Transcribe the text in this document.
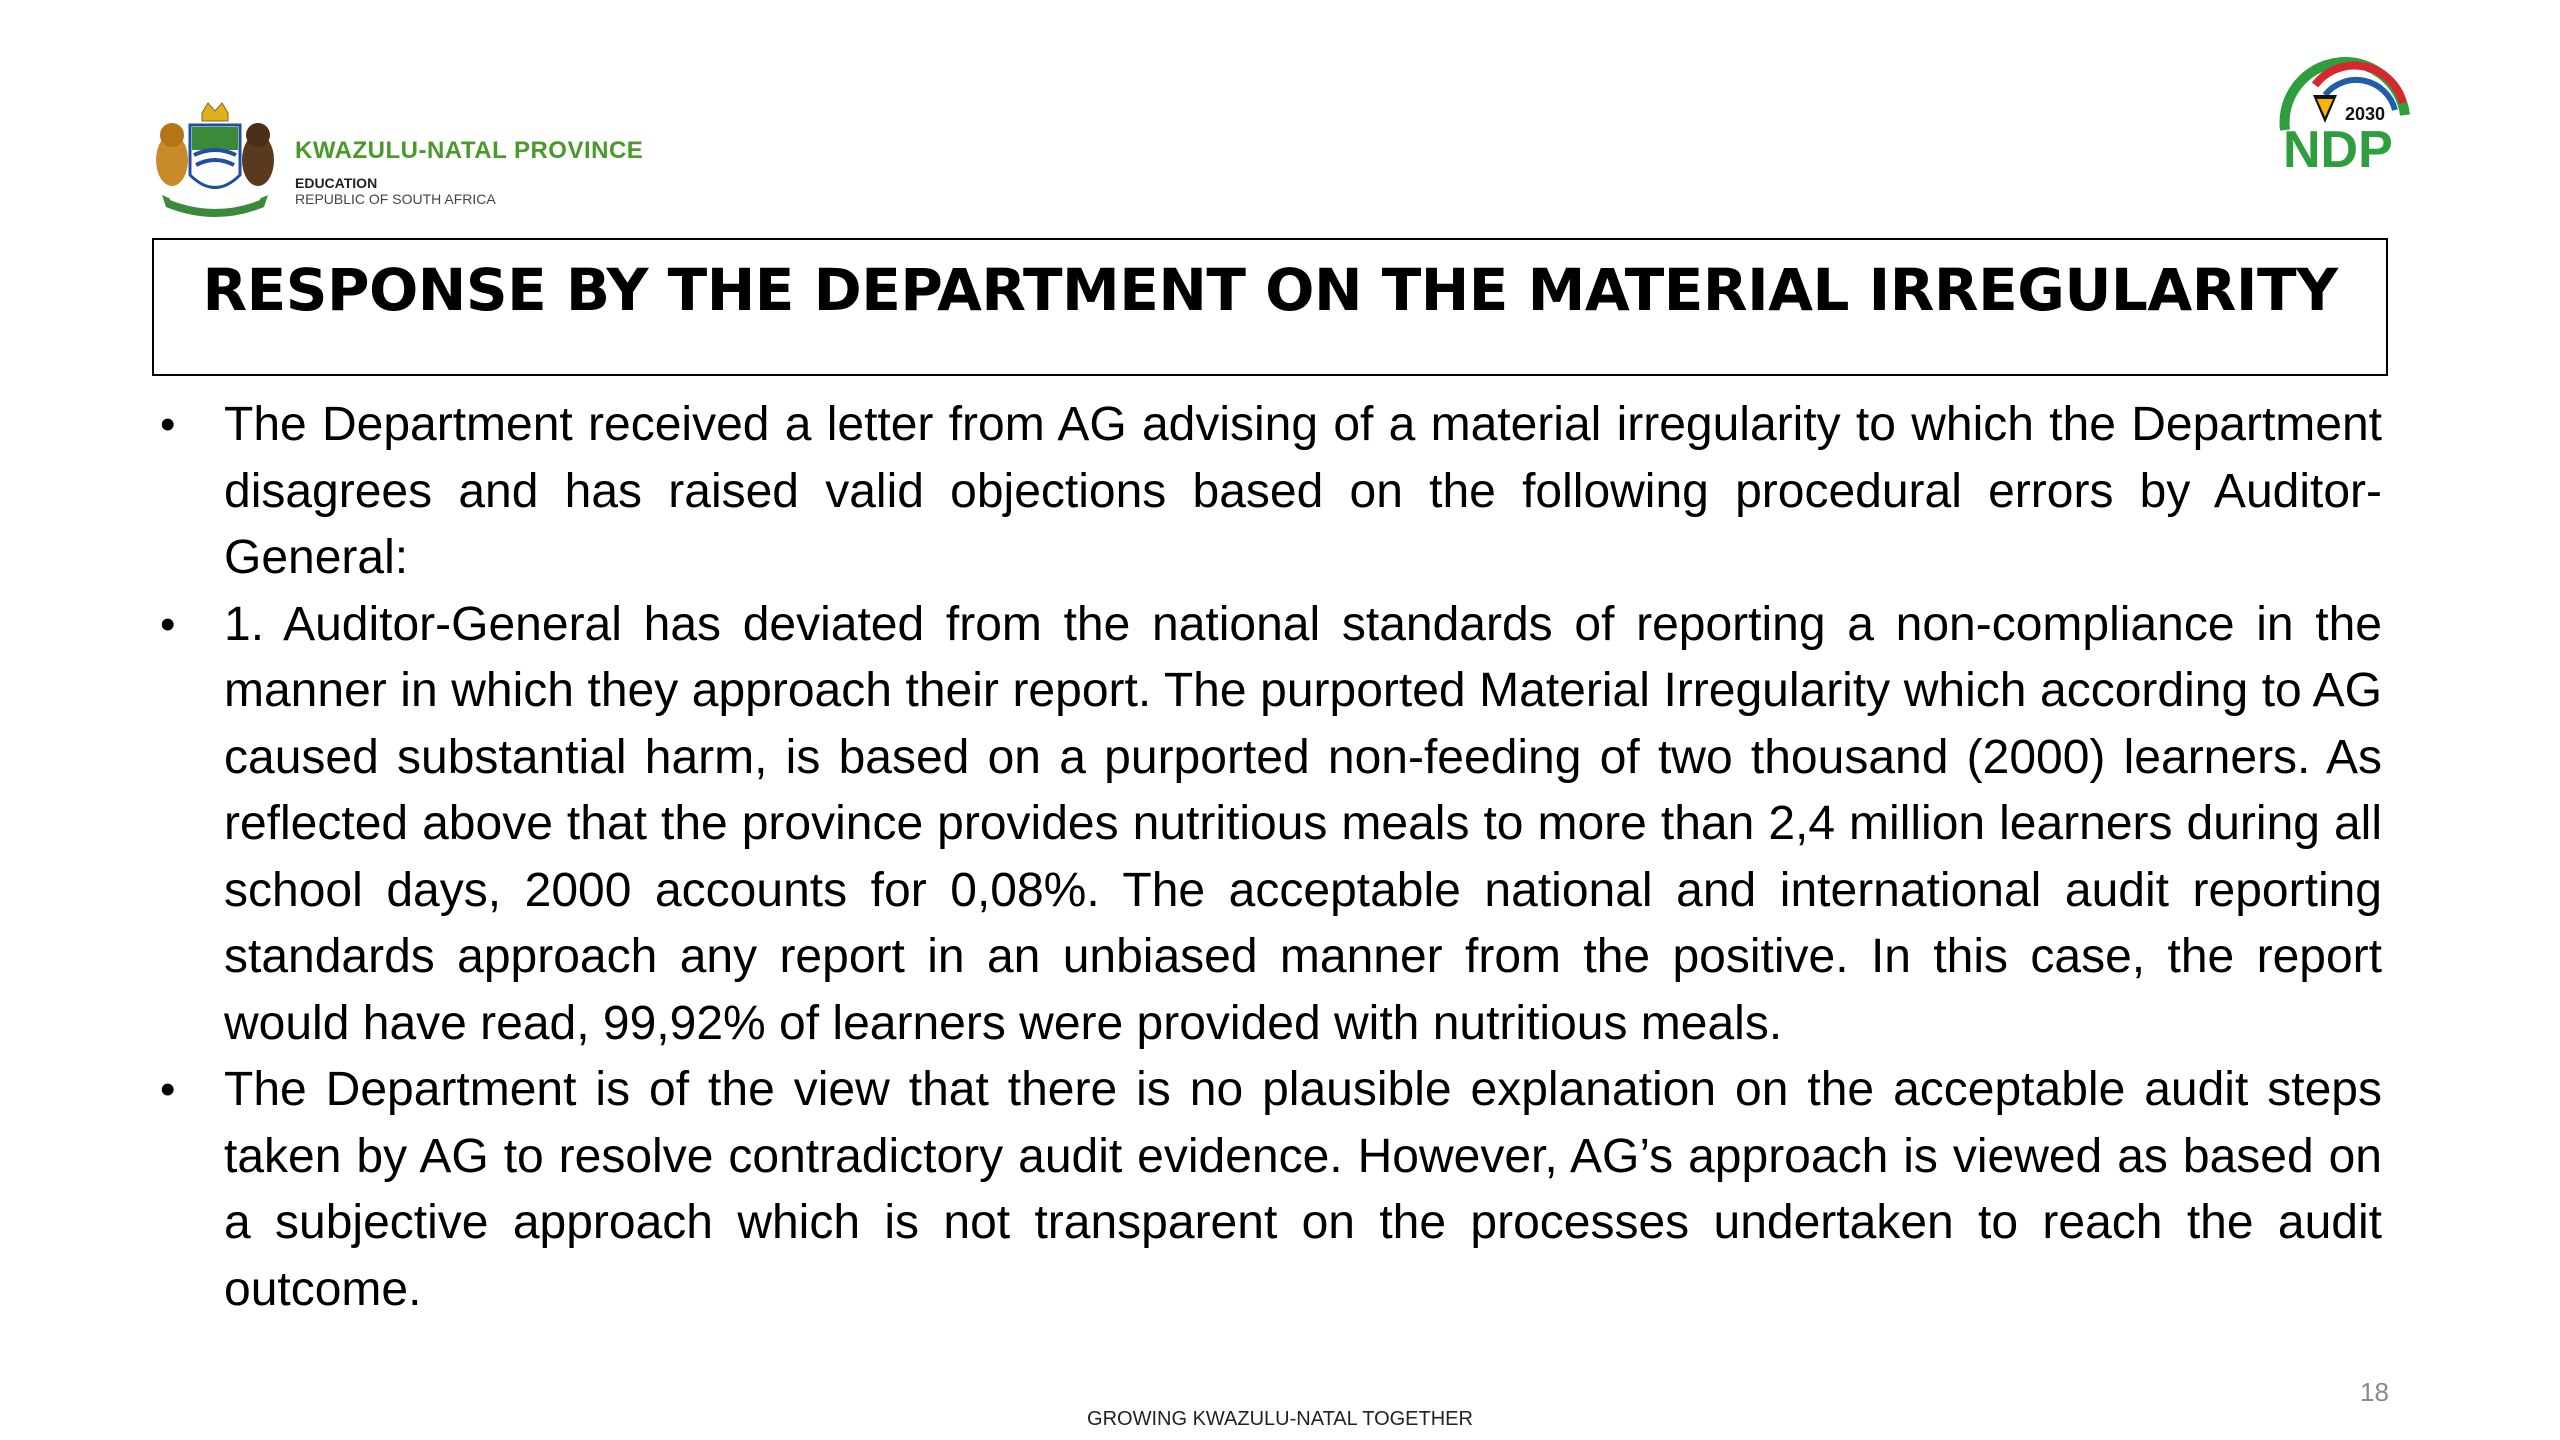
KWAZULU-NATAL PROVINCE
EDUCATION
REPUBLIC OF SOUTH AFRICA
2030
NDP
RESPONSE BY THE DEPARTMENT ON THE MATERIAL IRREGULARITY
• The Department received a letter from AG advising of a material irregularity to which the Department disagrees and has raised valid objections based on the following procedural errors by Auditor-General:
• 1. Auditor-General has deviated from the national standards of reporting a non-compliance in the manner in which they approach their report. The purported Material Irregularity which according to AG caused substantial harm, is based on a purported non-feeding of two thousand (2000) learners. As reflected above that the province provides nutritious meals to more than 2,4 million learners during all school days, 2000 accounts for 0,08%. The acceptable national and international audit reporting standards approach any report in an unbiased manner from the positive. In this case, the report would have read, 99,92% of learners were provided with nutritious meals.
• The Department is of the view that there is no plausible explanation on the acceptable audit steps taken by AG to resolve contradictory audit evidence. However, AG’s approach is viewed as based on a subjective approach which is not transparent on the processes undertaken to reach the audit outcome.
18
GROWING KWAZULU-NATAL TOGETHER
